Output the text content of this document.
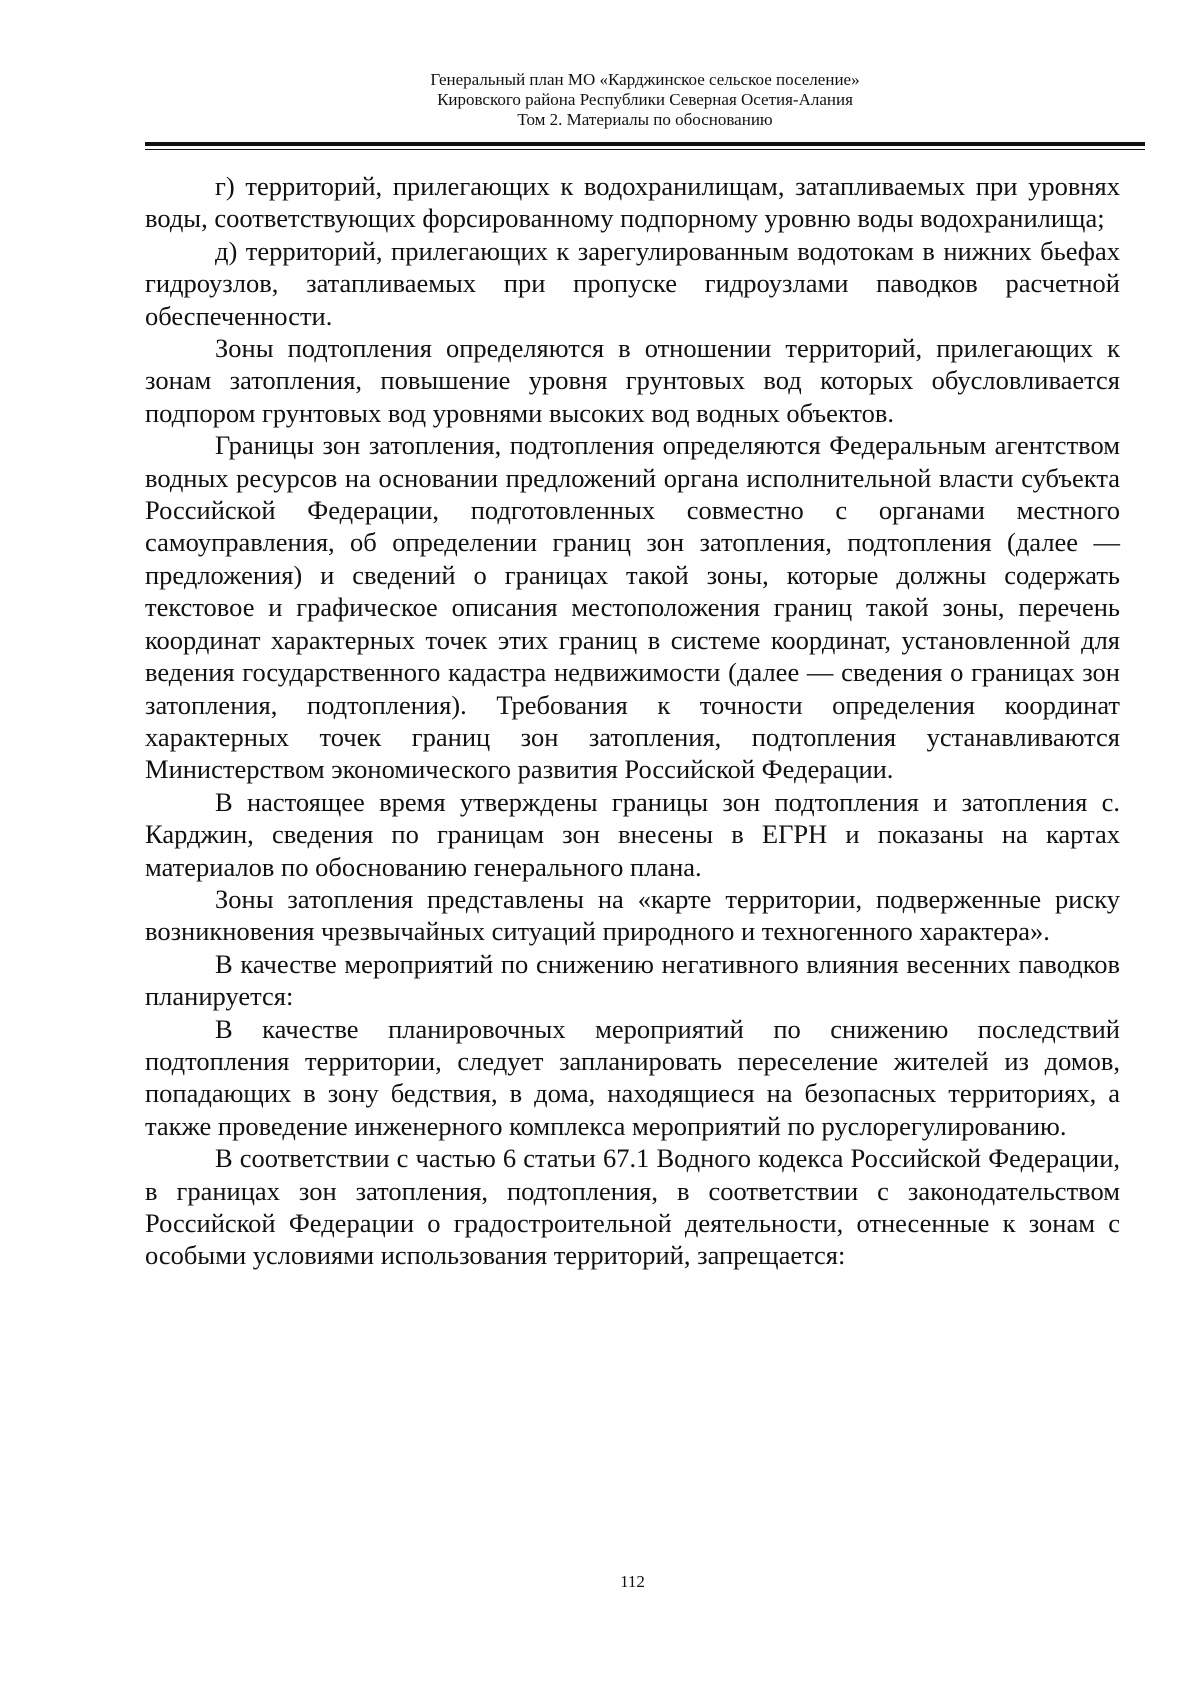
Генеральный план МО «Карджинское сельское поселение»
Кировского района Республики Северная Осетия-Алания
Том 2. Материалы по обоснованию

г) территорий, прилегающих к водохранилищам, затапливаемых при уровнях воды, соответствующих форсированному подпорному уровню воды водохранилища;

д) территорий, прилегающих к зарегулированным водотокам в нижних бьефах гидроузлов, затапливаемых при пропуске гидроузлами паводков расчетной обеспеченности.

Зоны подтопления определяются в отношении территорий, прилегающих к зонам затопления, повышение уровня грунтовых вод которых обусловливается подпором грунтовых вод уровнями высоких вод водных объектов.

Границы зон затопления, подтопления определяются Федеральным агентством водных ресурсов на основании предложений органа исполнительной власти субъекта Российской Федерации, подготовленных совместно с органами местного самоуправления, об определении границ зон затопления, подтопления (далее — предложения) и сведений о границах такой зоны, которые должны содержать текстовое и графическое описания местоположения границ такой зоны, перечень координат характерных точек этих границ в системе координат, установленной для ведения государственного кадастра недвижимости (далее — сведения о границах зон затопления, подтопления). Требования к точности определения координат характерных точек границ зон затопления, подтопления устанавливаются Министерством экономического развития Российской Федерации.

В настоящее время утверждены границы зон подтопления и затопления с. Карджин, сведения по границам зон внесены в ЕГРН и показаны на картах материалов по обоснованию генерального плана.

Зоны затопления представлены на «карте территории, подверженные риску возникновения чрезвычайных ситуаций природного и техногенного характера».

В качестве мероприятий по снижению негативного влияния весенних паводков планируется:

В качестве планировочных мероприятий по снижению последствий подтопления территории, следует запланировать переселение жителей из домов, попадающих в зону бедствия, в дома, находящиеся на безопасных территориях, а также проведение инженерного комплекса мероприятий по руслорегулированию.

В соответствии с частью 6 статьи 67.1 Водного кодекса Российской Федерации, в границах зон затопления, подтопления, в соответствии с законодательством Российской Федерации о градостроительной деятельности, отнесенные к зонам с особыми условиями использования территорий, запрещается:

112
